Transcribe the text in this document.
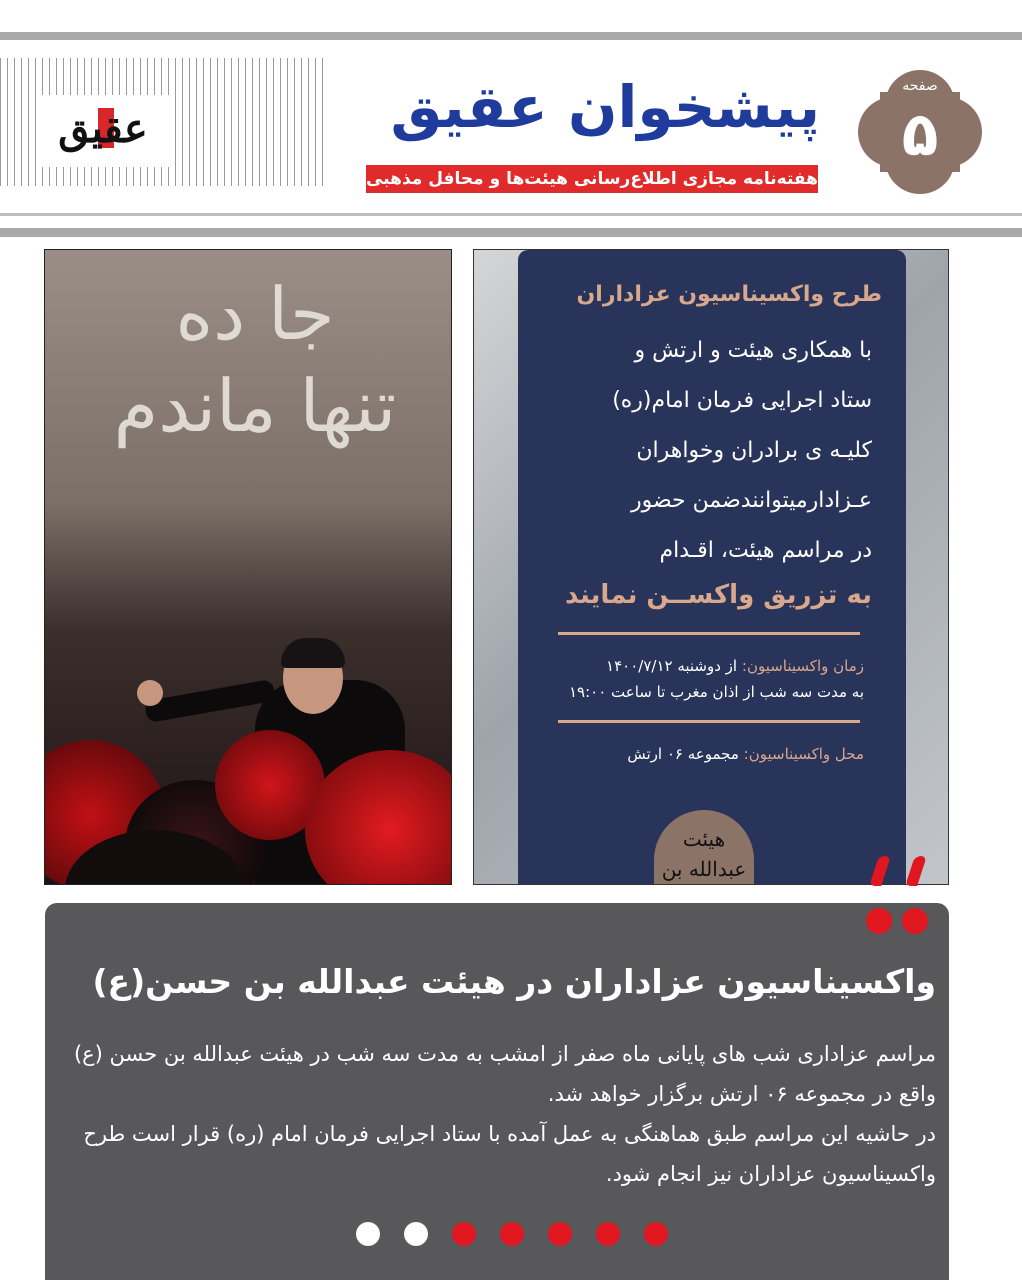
عقیق	پیشخوان عقیق
هفته‌نامه مجازی اطلاع‌رسانی هیئت‌ها و محافل مذهبی
صفحه
۵
جا ده
تنها ماندم
طرح واکسیناسیون عزاداران
با همکاری هیئت و ارتش و
ستاد اجرایی فرمان امام(ره)
کلیـه ی برادران وخواهران
عـزادارمیتوانندضمن حضور
در مراسم هیئت، اقـدام
به تزریق واکســن نمایند
زمان واکسیناسیون: از دوشنبه ۱۴۰۰/۷/۱۲
به مدت سه شب از اذان مغرب تا ساعت ۱۹:۰۰
محل واکسیناسیون: مجموعه ۰۶ ارتش
هیئت عبدالله بن
واکسیناسیون عزاداران در هیئت عبدالله بن حسن(ع)

مراسم عزاداری شب های پایانی ماه صفر از امشب به مدت سه شب در هیئت عبدالله بن حسن (ع) واقع در مجموعه ۰۶ ارتش برگزار خواهد شد.

در حاشیه این مراسم طبق هماهنگی به عمل آمده با ستاد اجرایی فرمان امام (ره) قرار است طرح واکسیناسیون عزاداران نیز انجام شود.
